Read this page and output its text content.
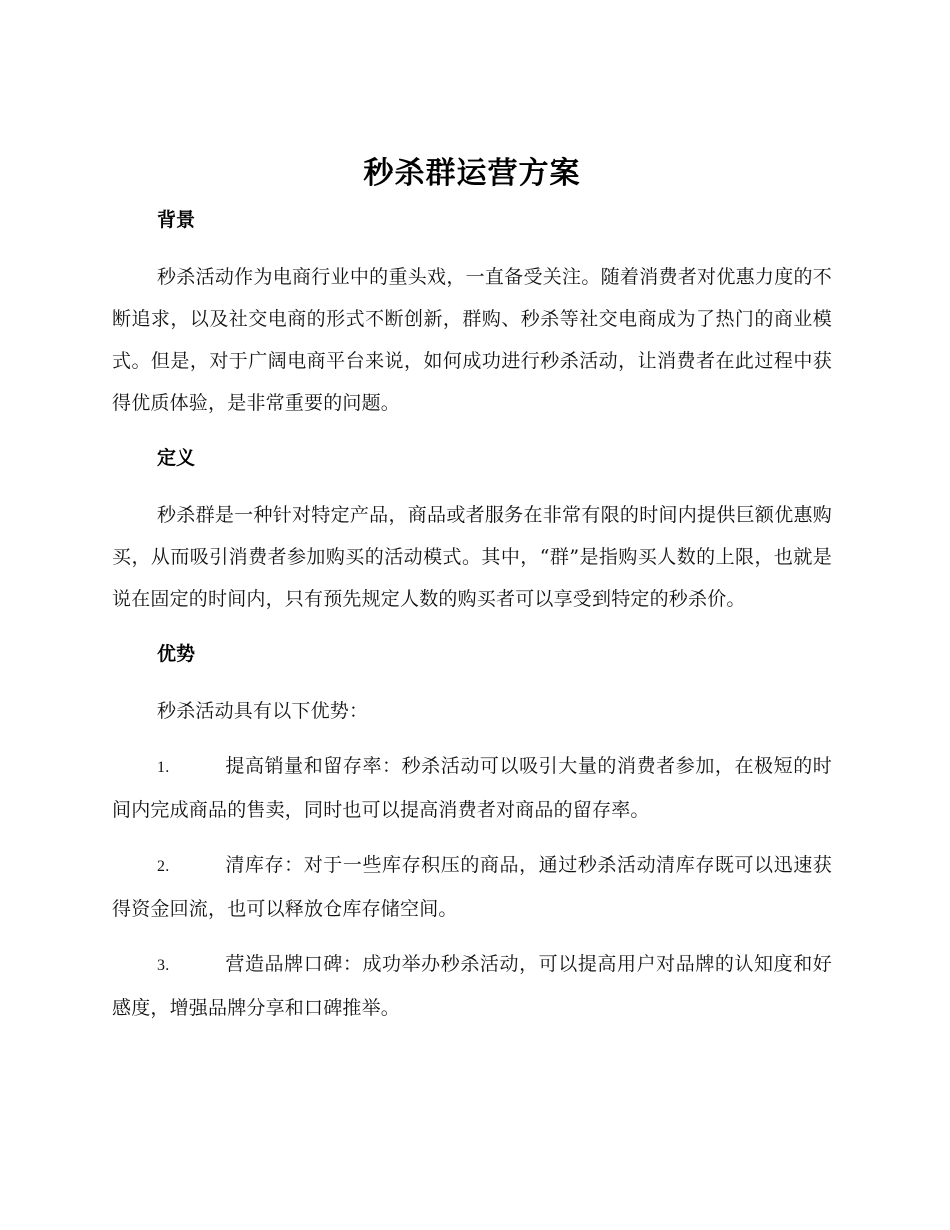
秒杀群运营方案
背景

秒杀活动作为电商行业中的重头戏，一直备受关注。随着消费者对优惠力度的不断追求，以及社交电商的形式不断创新，群购、秒杀等社交电商成为了热门的商业模式。但是，对于广阔电商平台来说，如何成功进行秒杀活动，让消费者在此过程中获得优质体验，是非常重要的问题。

定义

秒杀群是一种针对特定产品，商品或者服务在非常有限的时间内提供巨额优惠购买，从而吸引消费者参加购买的活动模式。其中，“群”是指购买人数的上限，也就是说在固定的时间内，只有预先规定人数的购买者可以享受到特定的秒杀价。

优势

秒杀活动具有以下优势：

1.	提高销量和留存率：秒杀活动可以吸引大量的消费者参加，在极短的时间内完成商品的售卖，同时也可以提高消费者对商品的留存率。

2.	清库存：对于一些库存积压的商品，通过秒杀活动清库存既可以迅速获得资金回流，也可以释放仓库存储空间。

3.	营造品牌口碑：成功举办秒杀活动，可以提高用户对品牌的认知度和好感度，增强品牌分享和口碑推举。
